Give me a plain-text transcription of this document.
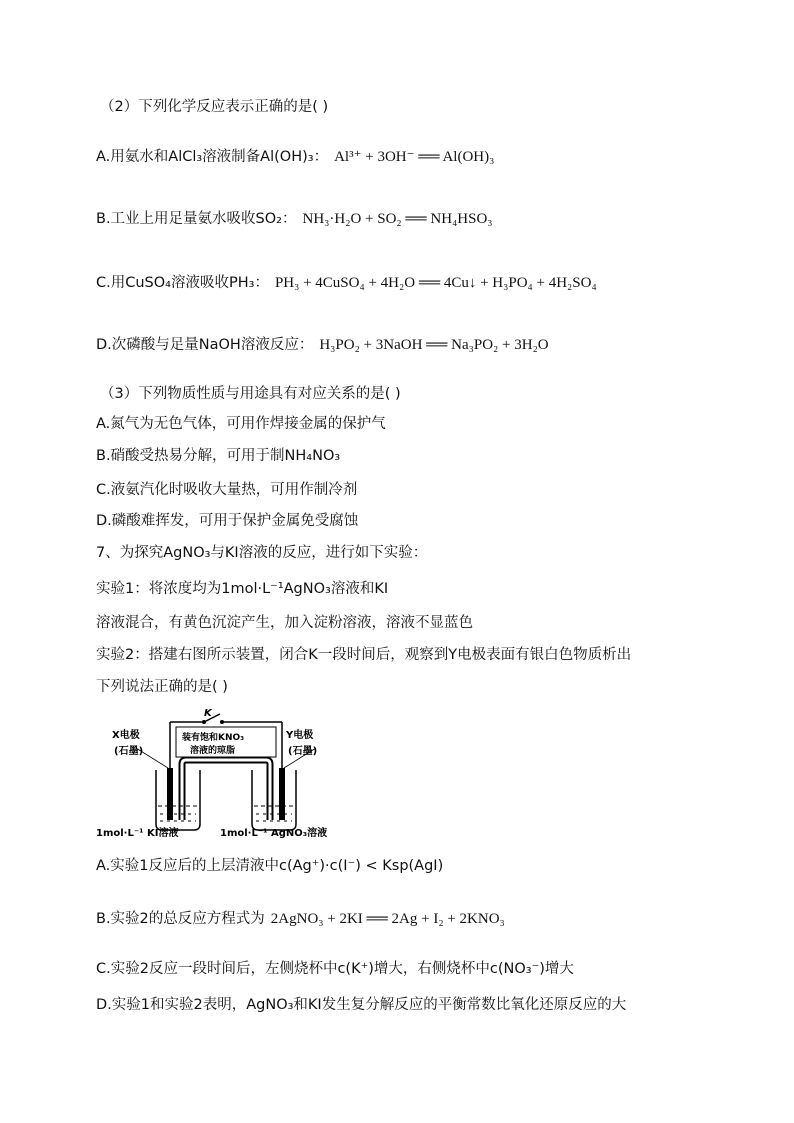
（2）下列化学反应表示正确的是( )
A.用氨水和AlCl₃溶液制备Al(OH)₃： Al³⁺ + 3OH⁻ ══ Al(OH)₃
B.工业上用足量氨水吸收SO₂： NH₃·H₂O + SO₂ ══ NH₄HSO₃
C.用CuSO₄溶液吸收PH₃： PH₃ + 4CuSO₄ + 4H₂O ══ 4Cu↓ + H₃PO₄ + 4H₂SO₄
D.次磷酸与足量NaOH溶液反应： H₃PO₂ + 3NaOH ══ Na₃PO₂ + 3H₂O
（3）下列物质性质与用途具有对应关系的是( )
A.氮气为无色气体，可用作焊接金属的保护气
B.硝酸受热易分解，可用于制NH₄NO₃
C.液氨汽化时吸收大量热，可用作制冷剂
D.磷酸难挥发，可用于保护金属免受腐蚀
7、为探究AgNO₃与KI溶液的反应，进行如下实验：
实验1：将浓度均为1mol·L⁻¹AgNO₃溶液和KI
溶液混合，有黄色沉淀产生，加入淀粉溶液，溶液不显蓝色
实验2：搭建右图所示装置，闭合K一段时间后，观察到Y电极表面有银白色物质析出
下列说法正确的是( )
K
装有饱和KNO₃
溶液的琼脂
X电极
(石墨)
Y电极
(石墨)
1mol·L⁻¹ KI溶液	1mol·L⁻¹ AgNO₃溶液
A.实验1反应后的上层清液中c(Ag⁺)·c(I⁻) < Ksp(AgI)
B.实验2的总反应方程式为 2AgNO₃ + 2KI ══ 2Ag + I₂ + 2KNO₃
C.实验2反应一段时间后，左侧烧杯中c(K⁺)增大，右侧烧杯中c(NO₃⁻)增大
D.实验1和实验2表明，AgNO₃和KI发生复分解反应的平衡常数比氧化还原反应的大
